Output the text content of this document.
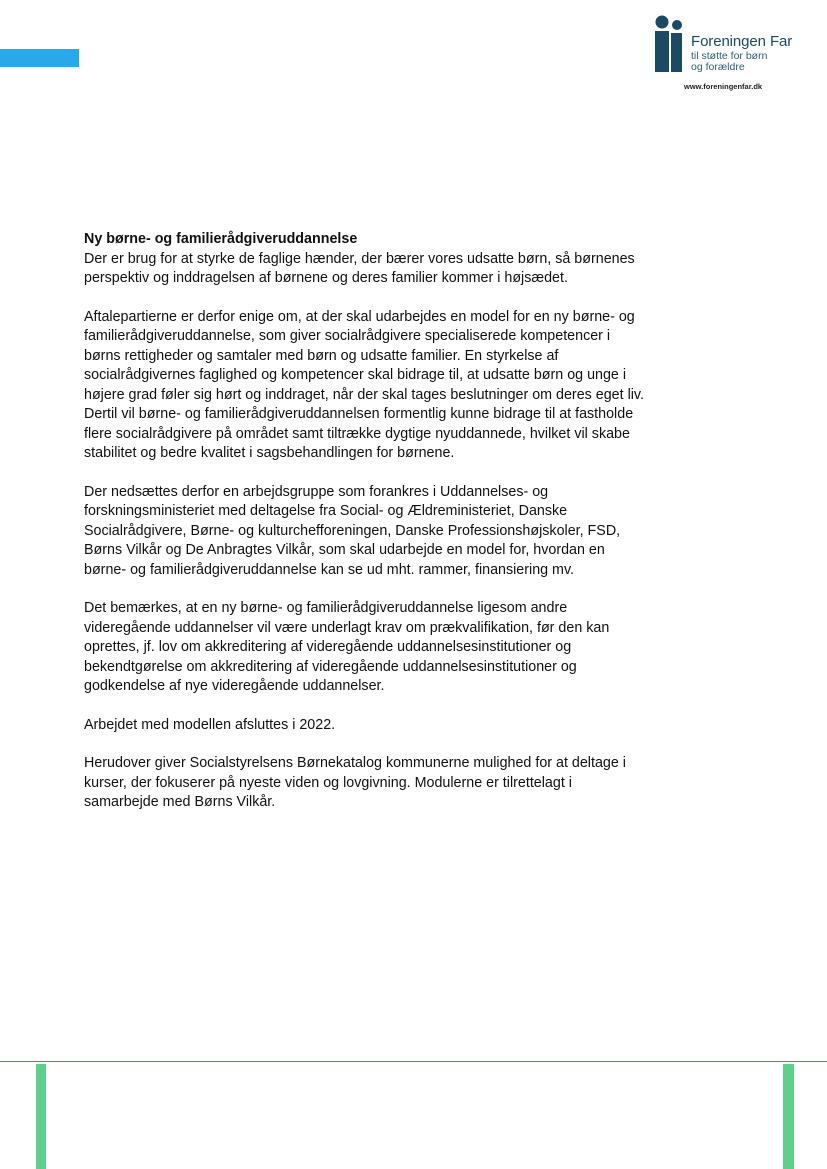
Foreningen Far
til støtte for børn
og forældre
www.foreningenfar.dk
Ny børne- og familierådgiveruddannelse

Der er brug for at styrke de faglige hænder, der bærer vores udsatte børn, så børnenes perspektiv og inddragelsen af børnene og deres familier kommer i højsædet.

Aftalepartierne er derfor enige om, at der skal udarbejdes en model for en ny børne- og familierådgiveruddannelse, som giver socialrådgivere specialiserede kompetencer i børns rettigheder og samtaler med børn og udsatte familier. En styrkelse af socialrådgivernes faglighed og kompetencer skal bidrage til, at udsatte børn og unge i højere grad føler sig hørt og inddraget, når der skal tages beslutninger om deres eget liv. Dertil vil børne- og familierådgiveruddannelsen formentlig kunne bidrage til at fastholde flere socialrådgivere på området samt tiltrække dygtige nyuddannede, hvilket vil skabe stabilitet og bedre kvalitet i sagsbehandlingen for børnene.

Der nedsættes derfor en arbejdsgruppe som forankres i Uddannelses- og forskningsministeriet med deltagelse fra Social- og Ældreministeriet, Danske Socialrådgivere, Børne- og kulturchefforeningen, Danske Professionshøjskoler, FSD, Børns Vilkår og De Anbragtes Vilkår, som skal udarbejde en model for, hvordan en børne- og familierådgiveruddannelse kan se ud mht. rammer, finansiering mv.

Det bemærkes, at en ny børne- og familierådgiveruddannelse ligesom andre videregående uddannelser vil være underlagt krav om prækvalifikation, før den kan oprettes, jf. lov om akkreditering af videregående uddannelsesinstitutioner og bekendtgørelse om akkreditering af videregående uddannelsesinstitutioner og godkendelse af nye videregående uddannelser.

Arbejdet med modellen afsluttes i 2022.

Herudover giver Socialstyrelsens Børnekatalog kommunerne mulighed for at deltage i kurser, der fokuserer på nyeste viden og lovgivning. Modulerne er tilrettelagt i samarbejde med Børns Vilkår.
